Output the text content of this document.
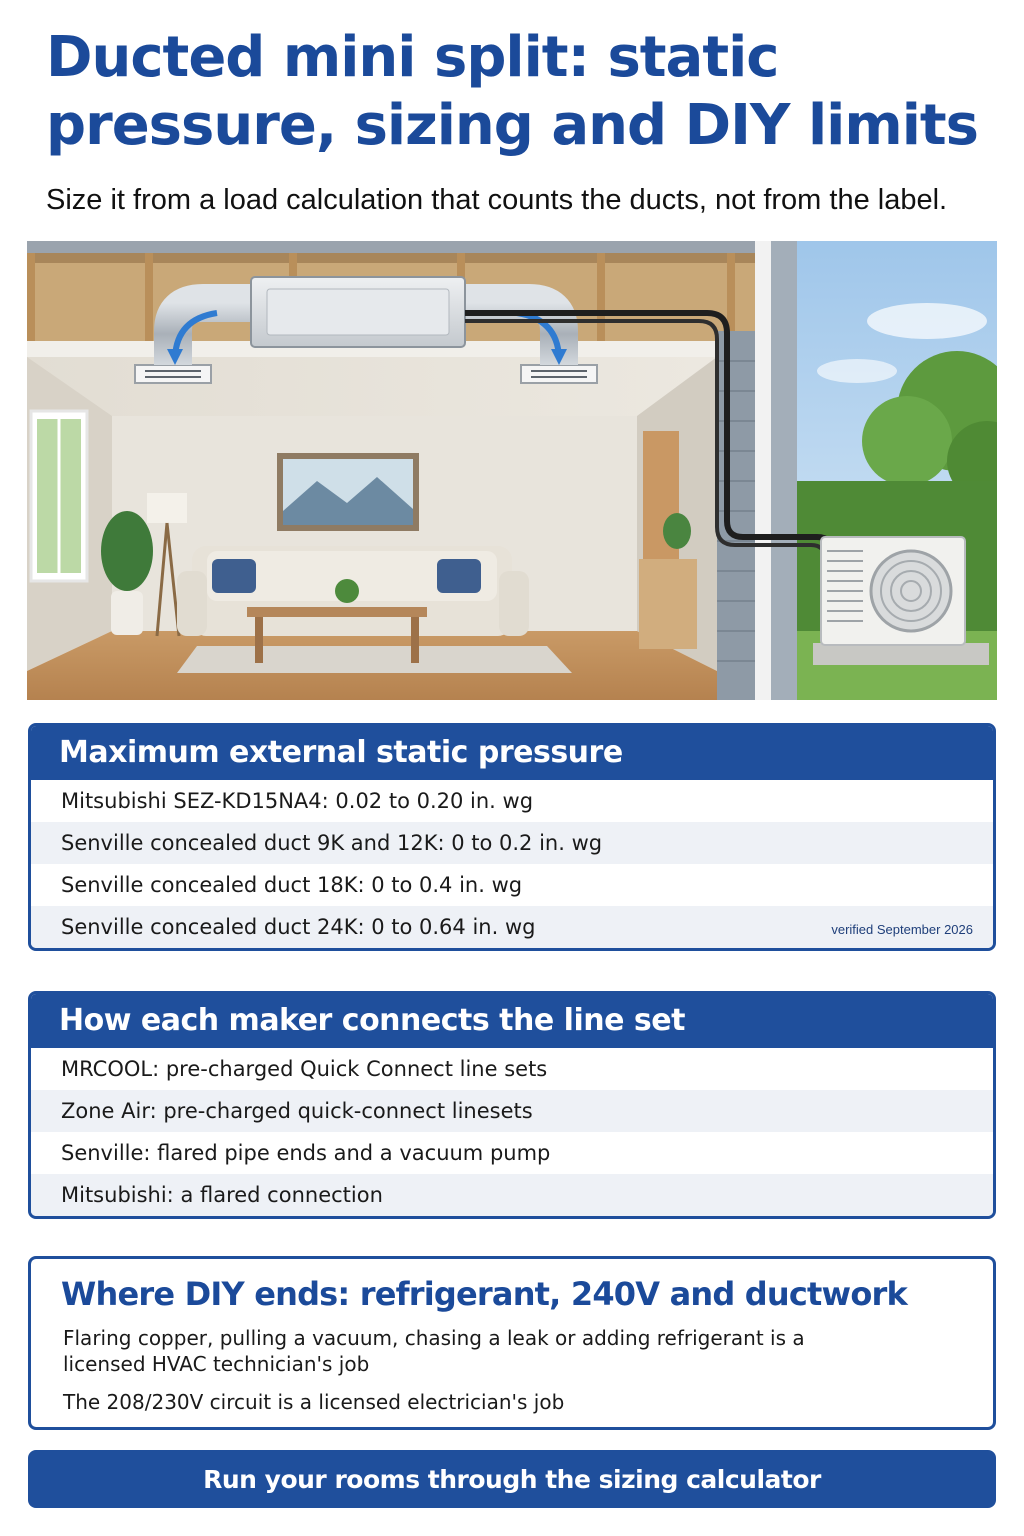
Ducted mini split: static pressure, sizing and DIY limits

Size it from a load calculation that counts the ducts, not from the label.

Maximum external static pressure
Mitsubishi SEZ-KD15NA4: 0.02 to 0.20 in. wg
Senville concealed duct 9K and 12K: 0 to 0.2 in. wg
Senville concealed duct 18K: 0 to 0.4 in. wg
Senville concealed duct 24K: 0 to 0.64 in. wg	verified September 2026
How each maker connects the line set
MRCOOL: pre-charged Quick Connect line sets
Zone Air: pre-charged quick-connect linesets
Senville: flared pipe ends and a vacuum pump
Mitsubishi: a flared connection
Where DIY ends: refrigerant, 240V and ductwork

Flaring copper, pulling a vacuum, chasing a leak or adding refrigerant is a licensed HVAC technician's job

The 208/230V circuit is a licensed electrician's job

Run your rooms through the sizing calculator
